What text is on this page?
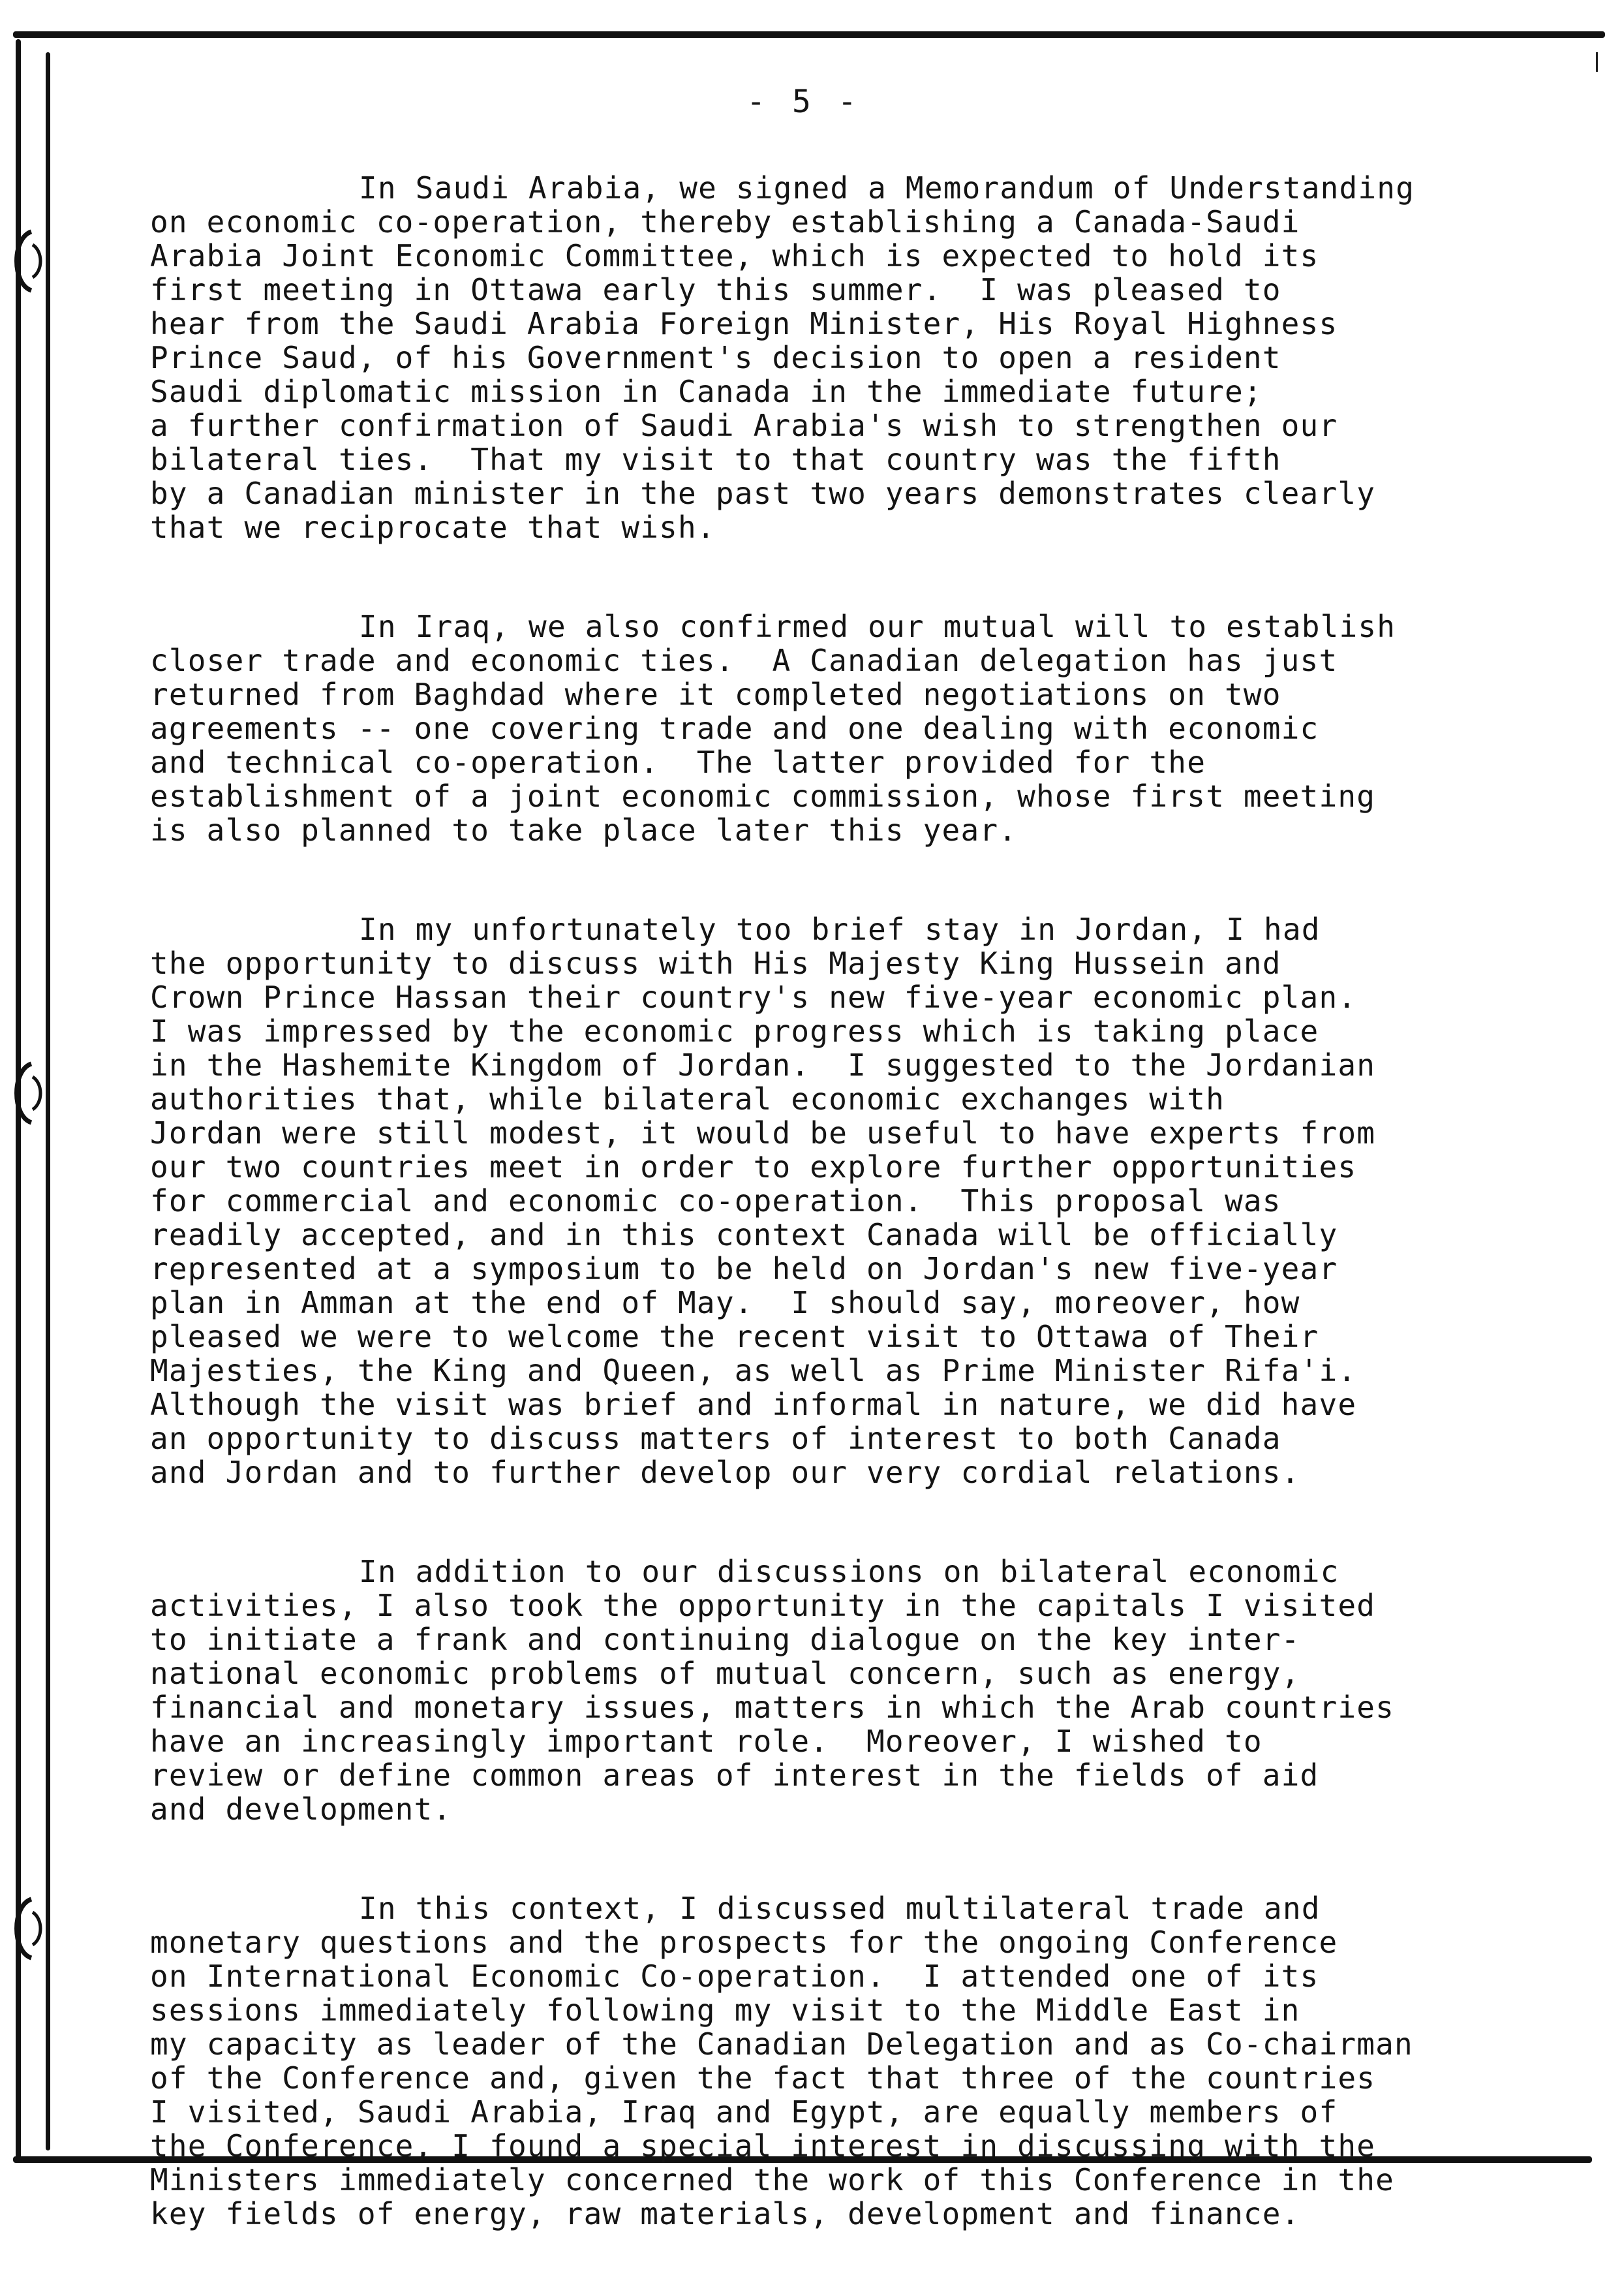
- 5 -
In Saudi Arabia, we signed a Memorandum of Understanding
on economic co-operation, thereby establishing a Canada-Saudi
Arabia Joint Economic Committee, which is expected to hold its
first meeting in Ottawa early this summer.  I was pleased to
hear from the Saudi Arabia Foreign Minister, His Royal Highness
Prince Saud, of his Government's decision to open a resident
Saudi diplomatic mission in Canada in the immediate future;
a further confirmation of Saudi Arabia's wish to strengthen our
bilateral ties.  That my visit to that country was the fifth
by a Canadian minister in the past two years demonstrates clearly
that we reciprocate that wish.
In Iraq, we also confirmed our mutual will to establish
closer trade and economic ties.  A Canadian delegation has just
returned from Baghdad where it completed negotiations on two
agreements -- one covering trade and one dealing with economic
and technical co-operation.  The latter provided for the
establishment of a joint economic commission, whose first meeting
is also planned to take place later this year.
In my unfortunately too brief stay in Jordan, I had
the opportunity to discuss with His Majesty King Hussein and
Crown Prince Hassan their country's new five-year economic plan.
I was impressed by the economic progress which is taking place
in the Hashemite Kingdom of Jordan.  I suggested to the Jordanian
authorities that, while bilateral economic exchanges with
Jordan were still modest, it would be useful to have experts from
our two countries meet in order to explore further opportunities
for commercial and economic co-operation.  This proposal was
readily accepted, and in this context Canada will be officially
represented at a symposium to be held on Jordan's new five-year
plan in Amman at the end of May.  I should say, moreover, how
pleased we were to welcome the recent visit to Ottawa of Their
Majesties, the King and Queen, as well as Prime Minister Rifa'i.
Although the visit was brief and informal in nature, we did have
an opportunity to discuss matters of interest to both Canada
and Jordan and to further develop our very cordial relations.
In addition to our discussions on bilateral economic
activities, I also took the opportunity in the capitals I visited
to initiate a frank and continuing dialogue on the key inter-
national economic problems of mutual concern, such as energy,
financial and monetary issues, matters in which the Arab countries
have an increasingly important role.  Moreover, I wished to
review or define common areas of interest in the fields of aid
and development.
In this context, I discussed multilateral trade and
monetary questions and the prospects for the ongoing Conference
on International Economic Co-operation.  I attended one of its
sessions immediately following my visit to the Middle East in
my capacity as leader of the Canadian Delegation and as Co-chairman
of the Conference and, given the fact that three of the countries
I visited, Saudi Arabia, Iraq and Egypt, are equally members of
the Conference, I found a special interest in discussing with the
Ministers immediately concerned the work of this Conference in the
key fields of energy, raw materials, development and finance.
